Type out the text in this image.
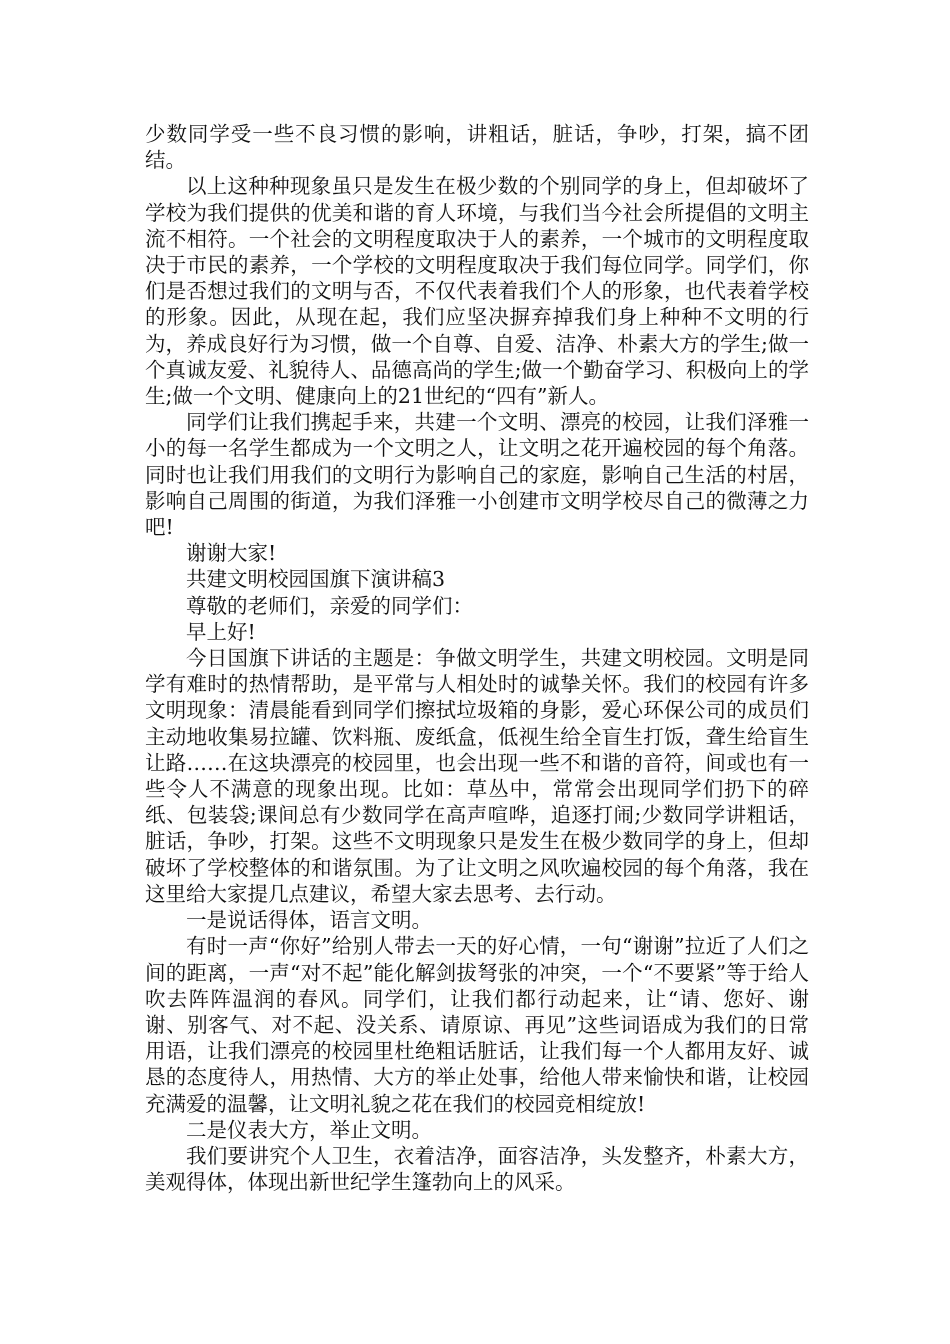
少数同学受一些不良习惯的影响，讲粗话，脏话，争吵，打架，搞不团结。

以上这种种现象虽只是发生在极少数的个别同学的身上，但却破坏了学校为我们提供的优美和谐的育人环境，与我们当今社会所提倡的文明主流不相符。一个社会的文明程度取决于人的素养，一个城市的文明程度取决于市民的素养，一个学校的文明程度取决于我们每位同学。同学们，你们是否想过我们的文明与否，不仅代表着我们个人的形象，也代表着学校的形象。因此，从现在起，我们应坚决摒弃掉我们身上种种不文明的行为，养成良好行为习惯，做一个自尊、自爱、洁净、朴素大方的学生;做一个真诚友爱、礼貌待人、品德高尚的学生;做一个勤奋学习、积极向上的学生;做一个文明、健康向上的21世纪的“四有”新人。

同学们让我们携起手来，共建一个文明、漂亮的校园，让我们泽雅一小的每一名学生都成为一个文明之人，让文明之花开遍校园的每个角落。同时也让我们用我们的文明行为影响自己的家庭，影响自己生活的村居，影响自己周围的街道，为我们泽雅一小创建市文明学校尽自己的微薄之力吧!

谢谢大家!

共建文明校园国旗下演讲稿3

尊敬的老师们，亲爱的同学们：

早上好!

今日国旗下讲话的主题是：争做文明学生，共建文明校园。文明是同学有难时的热情帮助，是平常与人相处时的诚挚关怀。我们的校园有许多文明现象：清晨能看到同学们擦拭垃圾箱的身影，爱心环保公司的成员们主动地收集易拉罐、饮料瓶、废纸盒，低视生给全盲生打饭，聋生给盲生让路……在这块漂亮的校园里，也会出现一些不和谐的音符，间或也有一些令人不满意的现象出现。比如：草丛中，常常会出现同学们扔下的碎纸、包装袋;课间总有少数同学在高声喧哗，追逐打闹;少数同学讲粗话，脏话，争吵，打架。这些不文明现象只是发生在极少数同学的身上，但却破坏了学校整体的和谐氛围。为了让文明之风吹遍校园的每个角落，我在这里给大家提几点建议，希望大家去思考、去行动。

一是说话得体，语言文明。

有时一声“你好”给别人带去一天的好心情，一句“谢谢”拉近了人们之间的距离，一声“对不起”能化解剑拔弩张的冲突，一个“不要紧”等于给人吹去阵阵温润的春风。同学们，让我们都行动起来，让“请、您好、谢谢、别客气、对不起、没关系、请原谅、再见”这些词语成为我们的日常用语，让我们漂亮的校园里杜绝粗话脏话，让我们每一个人都用友好、诚恳的态度待人，用热情、大方的举止处事，给他人带来愉快和谐，让校园充满爱的温馨，让文明礼貌之花在我们的校园竞相绽放!

二是仪表大方，举止文明。

我们要讲究个人卫生，衣着洁净，面容洁净，头发整齐，朴素大方，美观得体，体现出新世纪学生篷勃向上的风采。
